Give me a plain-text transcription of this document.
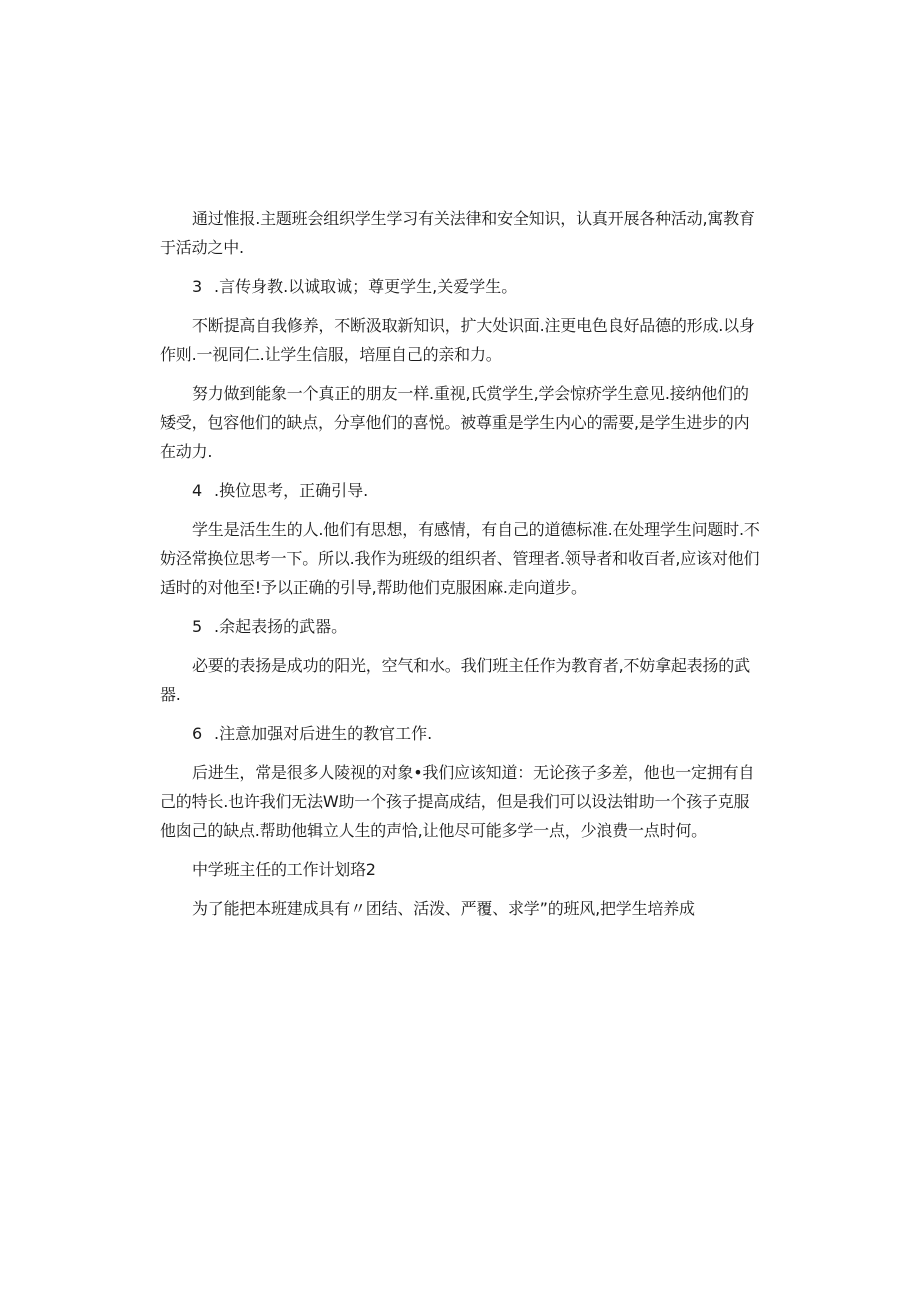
通过惟报.主题班会组织学生学习有关法律和安全知识，认真开展各种活动,寓教育于活动之中.

3 .言传身教.以诚取诚；尊更学生,关爱学生。

不断提高自我修养，不断汲取新知识，扩大处识面.注更电色良好品德的形成.以身作则.一视同仁.让学生信服，培厘自己的亲和力。

努力做到能象一个真正的朋友一样.重视,氏赏学生,学会惊疥学生意见.接纳他们的矮受，包容他们的缺点，分享他们的喜悦。被尊重是学生内心的需要,是学生进步的内在动力.

4 .换位思考，正确引导.

学生是活生生的人.他们有思想，有感情，有自己的道德标准.在处理学生问题时.不妨泾常换位思考一下。所以.我作为班级的组织者、管理者.领导者和收百者,应该对他们适时的对他至!予以正确的引导,帮助他们克服困麻.走向道步。

5 .余起表扬的武器。

必要的表扬是成功的阳光，空气和水。我们班主任作为教育者,不妨拿起表扬的武器.

6 .注意加强对后进生的教官工作.

后进生，常是很多人陵视的对象•我们应该知道：无论孩子多差，他也一定拥有自己的特长.也许我们无法W助一个孩子提高成结，但是我们可以设法钳助一个孩子克服他囱己的缺点.帮助他辑立人生的声恰,让他尽可能多学一点，少浪费一点时何。

中学班主任的工作计划珞2

为了能把本班建成具有〃团结、活泼、严覆、求学”的班风,把学生培养成
